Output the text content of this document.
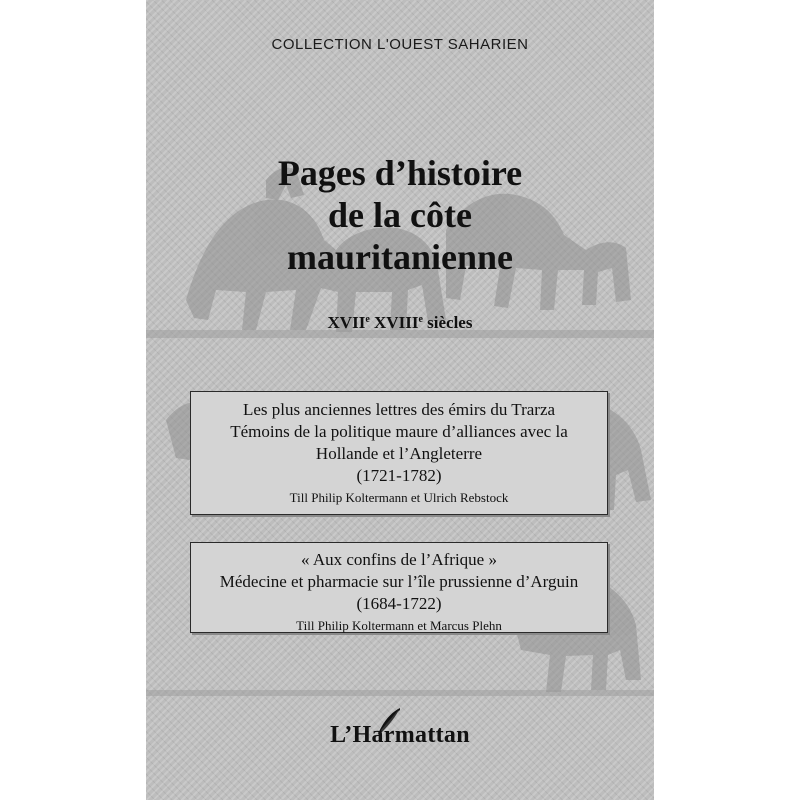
COLLECTION L'OUEST SAHARIEN
Pages d’histoire
de la côte
mauritanienne
XVIIe XVIIIe siècles
Les plus anciennes lettres des émirs du Trarza
Témoins de la politique maure d’alliances avec la
Hollande et l’Angleterre
(1721-1782)
Till Philip Koltermann et Ulrich Rebstock
« Aux confins de l’Afrique »
Médecine et pharmacie sur l’île prussienne d’Arguin
(1684-1722)
Till Philip Koltermann et Marcus Plehn
L’Harmattan
